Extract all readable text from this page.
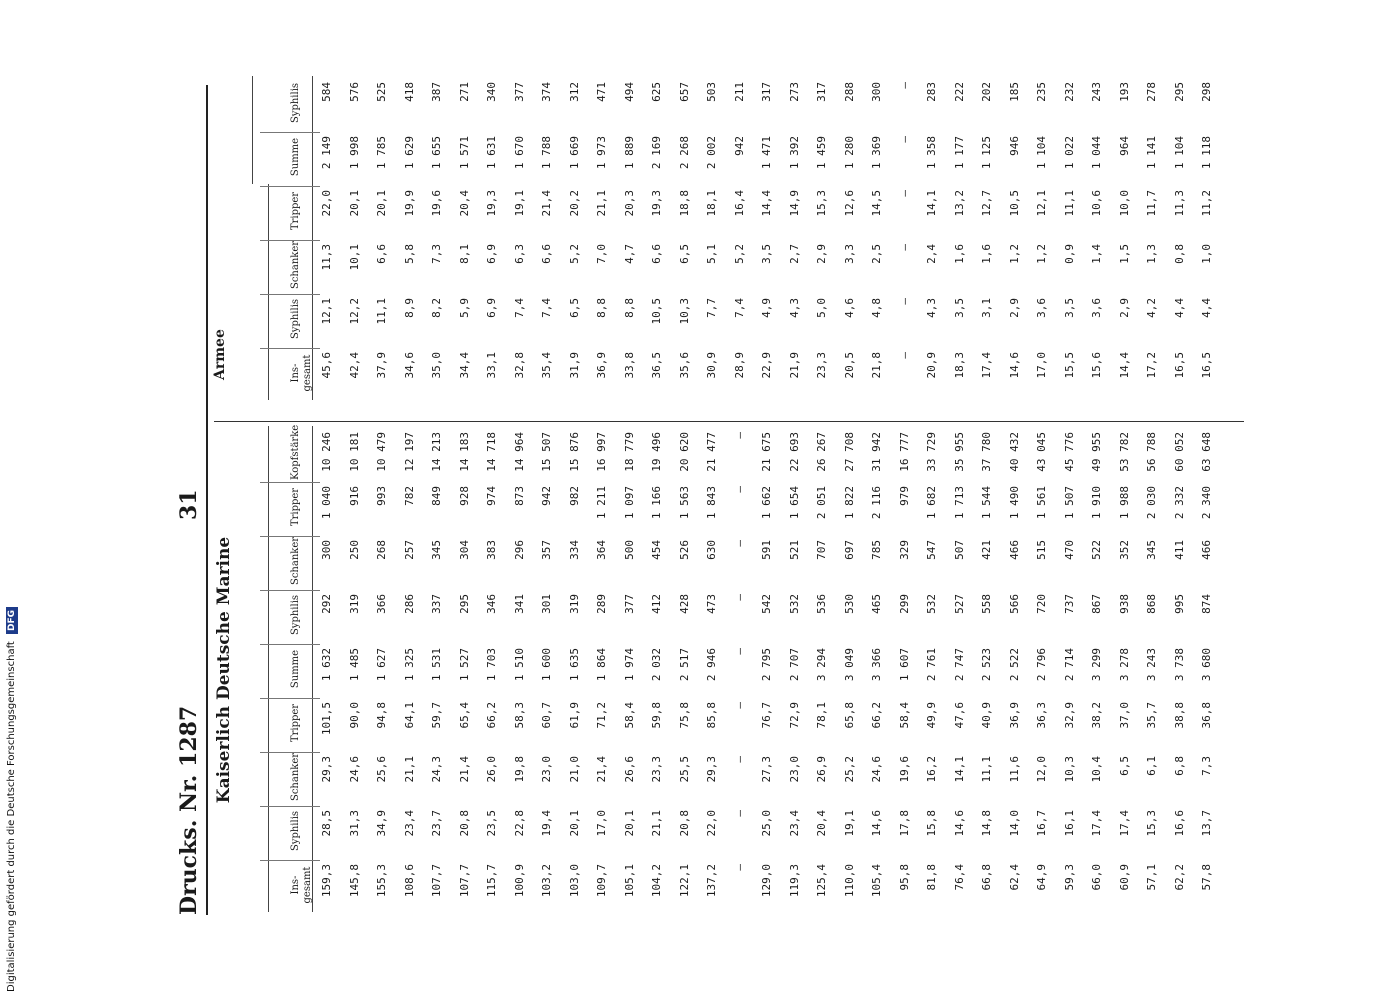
Drucks. Nr. 1287
31
Kaiserlich Deutsche Marine
Armee
Ins-gesamt
Syphilis
Schanker
Tripper
Summe
Syphilis
Schanker
Tripper
Kopfstärke
159,3
28,5
29,3
101,5
1 632
292
300
1 040
10 246
145,8
31,3
24,6
90,0
1 485
319
250
916
10 181
155,3
34,9
25,6
94,8
1 627
366
268
993
10 479
108,6
23,4
21,1
64,1
1 325
286
257
782
12 197
107,7
23,7
24,3
59,7
1 531
337
345
849
14 213
107,7
20,8
21,4
65,4
1 527
295
304
928
14 183
115,7
23,5
26,0
66,2
1 703
346
383
974
14 718
100,9
22,8
19,8
58,3
1 510
341
296
873
14 964
103,2
19,4
23,0
60,7
1 600
301
357
942
15 507
103,0
20,1
21,0
61,9
1 635
319
334
982
15 876
109,7
17,0
21,4
71,2
1 864
289
364
1 211
16 997
105,1
20,1
26,6
58,4
1 974
377
500
1 097
18 779
104,2
21,1
23,3
59,8
2 032
412
454
1 166
19 496
122,1
20,8
25,5
75,8
2 517
428
526
1 563
20 620
137,2
22,0
29,3
85,8
2 946
473
630
1 843
21 477
—
—
—
—
—
—
—
—
—
129,0
25,0
27,3
76,7
2 795
542
591
1 662
21 675
119,3
23,4
23,0
72,9
2 707
532
521
1 654
22 693
125,4
20,4
26,9
78,1
3 294
536
707
2 051
26 267
110,0
19,1
25,2
65,8
3 049
530
697
1 822
27 708
105,4
14,6
24,6
66,2
3 366
465
785
2 116
31 942
95,8
17,8
19,6
58,4
1 607
299
329
979
16 777
81,8
15,8
16,2
49,9
2 761
532
547
1 682
33 729
76,4
14,6
14,1
47,6
2 747
527
507
1 713
35 955
66,8
14,8
11,1
40,9
2 523
558
421
1 544
37 780
62,4
14,0
11,6
36,9
2 522
566
466
1 490
40 432
64,9
16,7
12,0
36,3
2 796
720
515
1 561
43 045
59,3
16,1
10,3
32,9
2 714
737
470
1 507
45 776
66,0
17,4
10,4
38,2
3 299
867
522
1 910
49 955
60,9
17,4
6,5
37,0
3 278
938
352
1 988
53 782
57,1
15,3
6,1
35,7
3 243
868
345
2 030
56 788
62,2
16,6
6,8
38,8
3 738
995
411
2 332
60 052
57,8
13,7
7,3
36,8
3 680
874
466
2 340
63 648
Ins-gesamt
Syphilis
Schanker
Tripper
Summe
Syphilis
45,6
12,1
11,3
22,0
2 149
584
42,4
12,2
10,1
20,1
1 998
576
37,9
11,1
6,6
20,1
1 785
525
34,6
8,9
5,8
19,9
1 629
418
35,0
8,2
7,3
19,6
1 655
387
34,4
5,9
8,1
20,4
1 571
271
33,1
6,9
6,9
19,3
1 631
340
32,8
7,4
6,3
19,1
1 670
377
35,4
7,4
6,6
21,4
1 788
374
31,9
6,5
5,2
20,2
1 669
312
36,9
8,8
7,0
21,1
1 973
471
33,8
8,8
4,7
20,3
1 889
494
36,5
10,5
6,6
19,3
2 169
625
35,6
10,3
6,5
18,8
2 268
657
30,9
7,7
5,1
18,1
2 002
503
28,9
7,4
5,2
16,4
942
211
22,9
4,9
3,5
14,4
1 471
317
21,9
4,3
2,7
14,9
1 392
273
23,3
5,0
2,9
15,3
1 459
317
20,5
4,6
3,3
12,6
1 280
288
21,8
4,8
2,5
14,5
1 369
300
—
—
—
—
—
—
20,9
4,3
2,4
14,1
1 358
283
18,3
3,5
1,6
13,2
1 177
222
17,4
3,1
1,6
12,7
1 125
202
14,6
2,9
1,2
10,5
946
185
17,0
3,6
1,2
12,1
1 104
235
15,5
3,5
0,9
11,1
1 022
232
15,6
3,6
1,4
10,6
1 044
243
14,4
2,9
1,5
10,0
964
193
17,2
4,2
1,3
11,7
1 141
278
16,5
4,4
0,8
11,3
1 104
295
16,5
4,4
1,0
11,2
1 118
298
Digitalisierung gefördert durch die Deutsche Forschungsgemeinschaft DFG
